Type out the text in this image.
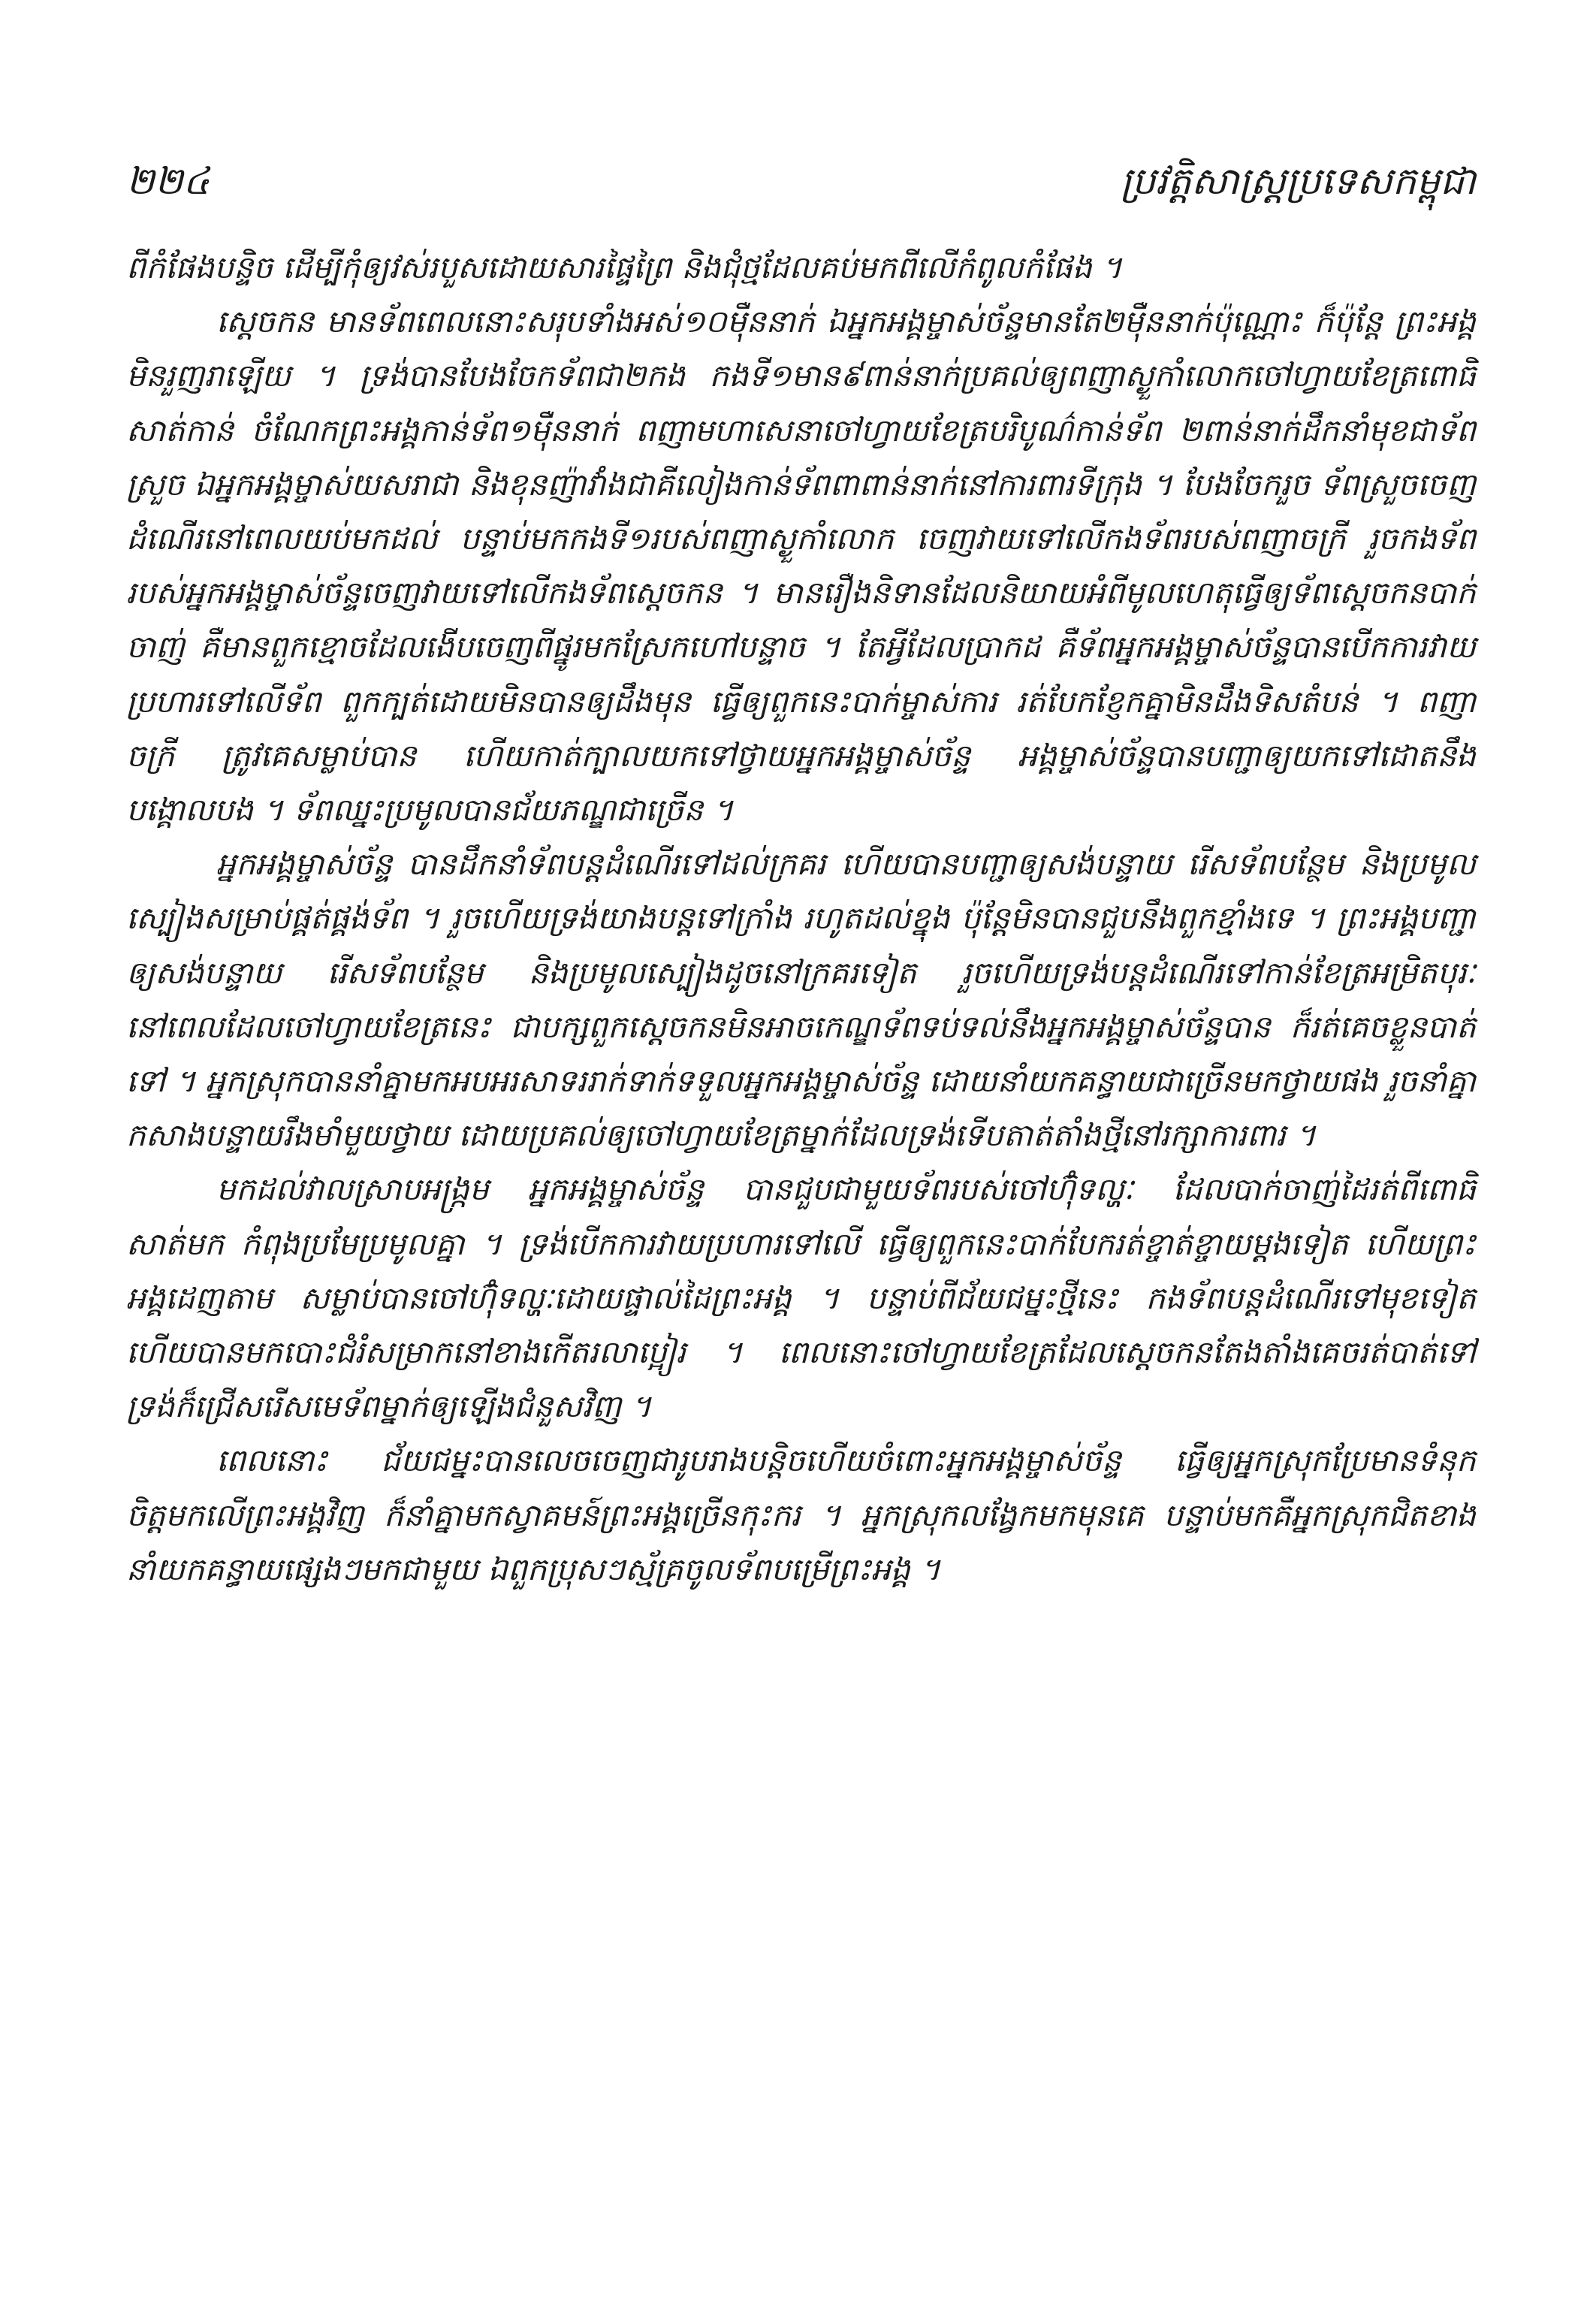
២២៤	ប្រវត្តិសាស្ត្រប្រទេសកម្ពុជា

ពីកំផែងបន្ទិច ដើម្បីកុំឲ្យវស់របួសដោយសារផ្ទៃព្រៃ និងជុំថ្មដែលគប់មកពីលើកំពូលកំផែង ។

ស្ដេចកន មានទ័ពពេលនោះសរុបទាំងអស់១០ម៉ឺននាក់ ឯអ្នកអង្គម្ចាស់ច័ន្ទមានតែ២ម៉ឺននាក់ប៉ុណ្ណោះ ក៏ប៉ុន្តែ ព្រះអង្គមិនរួញរាឡើយ ។ ទ្រង់បានបែងចែកទ័ពជា២កង កងទី១មាន៩ពាន់នាក់ប្រគល់ឲ្យពញាស្ងួកាំលោកចៅហ្វាយខែត្រពោធិសាត់កាន់ ចំណែកព្រះអង្គកាន់ទ័ព១ម៉ឺននាក់ ពញាមហាសេនាចៅហ្វាយខែត្របរិបូណ៌កាន់ទ័ព ២ពាន់នាក់ដឹកនាំមុខជាទ័ពស្រួច ឯអ្នកអង្គម្ចាស់យសរាជា និងខុនញ៉ាវាំងជាគីលៀងកាន់ទ័ពពាពាន់នាក់នៅការពារទីក្រុង ។ បែងចែករួច ទ័ពស្រួចចេញដំណើរនៅពេលយប់មកដល់ បន្ទាប់មកកងទី១របស់ពញាស្ងួកាំលោក ចេញវាយទៅលើកងទ័ពរបស់ពញាចក្រី រួចកងទ័ពរបស់អ្នកអង្គម្ចាស់ច័ន្ទចេញវាយទៅលើកងទ័ពស្ដេចកន ។ មានរឿងនិទានដែលនិយាយអំពីមូលហេតុធ្វើឲ្យទ័ពស្ដេចកនបាក់ចាញ់ គឺមានពួកខ្មោចដែលងើបចេញពីផ្នូរមកស្រែកហៅបន្ទាច ។ តែអ្វីដែលប្រាកដ គឺទ័ពអ្នកអង្គម្ចាស់ច័ន្ទបានបើកការវាយប្រហារទៅលើទ័ព ពួកក្បត់ដោយមិនបានឲ្យដឹងមុន ធ្វើឲ្យពួកនេះបាក់ម្ចាស់ការ រត់បែកខ្ញែកគ្នាមិនដឹងទិសតំបន់ ។ ពញាចក្រី ត្រូវគេសម្លាប់បាន ហើយកាត់ក្បាលយកទៅថ្វាយអ្នកអង្គម្ចាស់ច័ន្ទ អង្គម្ចាស់ច័ន្ទបានបញ្ជាឲ្យយកទៅដោតនឹងបង្គោលបង ។ ទ័ពឈ្នះប្រមូលបានជ័យភណ្ឌជាច្រើន ។

អ្នកអង្គម្ចាស់ច័ន្ទ បានដឹកនាំទ័ពបន្តដំណើរទៅដល់ក្រគរ ហើយបានបញ្ជាឲ្យសង់បន្ទាយ រើសទ័ពបន្ថែម និងប្រមូលស្បៀងសម្រាប់ផ្គត់ផ្គង់ទ័ព ។ រួចហើយទ្រង់យាងបន្តទៅក្រាំង រហូតដល់ខ្នុង ប៉ុន្តែមិនបានជួបនឹងពួកខ្មាំងទេ ។ ព្រះអង្គបញ្ជាឲ្យសង់បន្ទាយ រើសទ័ពបន្ថែម និងប្រមូលស្បៀងដូចនៅក្រគរទៀត រួចហើយទ្រង់បន្តដំណើរទៅកាន់ខែត្រអម្រិតបុរៈ នៅពេលដែលចៅហ្វាយខែត្រនេះ ជាបក្សពួកស្ដេចកនមិនអាចកេណ្ឌទ័ពទប់ទល់នឹងអ្នកអង្គម្ចាស់ច័ន្ទបាន ក៏រត់គេចខ្លួនបាត់ទៅ ។ អ្នកស្រុកបាននាំគ្នាមកអបអរសាទររាក់ទាក់ទទួលអ្នកអង្គម្ចាស់ច័ន្ទ ដោយនាំយកគន្ធាយជាច្រើនមកថ្វាយផង រួចនាំគ្នាកសាងបន្ទាយរឹងមាំមួយថ្វាយ ដោយប្រគល់ឲ្យចៅហ្វាយខែត្រម្នាក់ដែលទ្រង់ទើបតាត់តាំងថ្មីនៅរក្សាការពារ ។

មកដល់វាលស្រាបអង្ក្រម អ្នកអង្គម្ចាស់ច័ន្ទ បានជួបជាមួយទ័ពរបស់ចៅហ៊ុំទល្ហៈ ដែលបាក់ចាញ់ដៃរត់ពីពោធិសាត់មក កំពុងប្រមែប្រមូលគ្នា ។ ទ្រង់បើកការវាយប្រហារទៅលើ ធ្វើឲ្យពួកនេះបាក់បែករត់ខ្ចាត់ខ្ចាយម្ដងទៀត ហើយព្រះអង្គដេញតាម សម្លាប់បានចៅហ៊ុំទល្ហៈដោយផ្ទាល់ដៃព្រះអង្គ ។ បន្ទាប់ពីជ័យជម្នះថ្មីនេះ កងទ័ពបន្តដំណើរទៅមុខទៀត ហើយបានមកបោះជំរំសម្រាកនៅខាងកើតរលាប្អៀរ ។ ពេលនោះចៅហ្វាយខែត្រដែលស្ដេចកនតែងតាំងគេចរត់បាត់ទៅ ទ្រង់ក៏ជ្រើសរើសមេទ័ពម្នាក់ឲ្យឡើងជំនួសវិញ ។

ពេលនោះ ជ័យជម្នះបានលេចចេញជារូបរាងបន្តិចហើយចំពោះអ្នកអង្គម្ចាស់ច័ន្ទ ធ្វើឲ្យអ្នកស្រុកប្រែមានទំនុកចិត្តមកលើព្រះអង្គវិញ ក៏នាំគ្នាមកស្វាគមន៍ព្រះអង្គច្រើនកុះករ ។ អ្នកស្រុកលង្វែកមកមុនគេ បន្ទាប់មកគឺអ្នកស្រុកជិតខាង នាំយកគន្ធាយផ្សេងៗមកជាមួយ ឯពួកប្រុសៗស្ម័គ្រចូលទ័ពបម្រើព្រះអង្គ ។
